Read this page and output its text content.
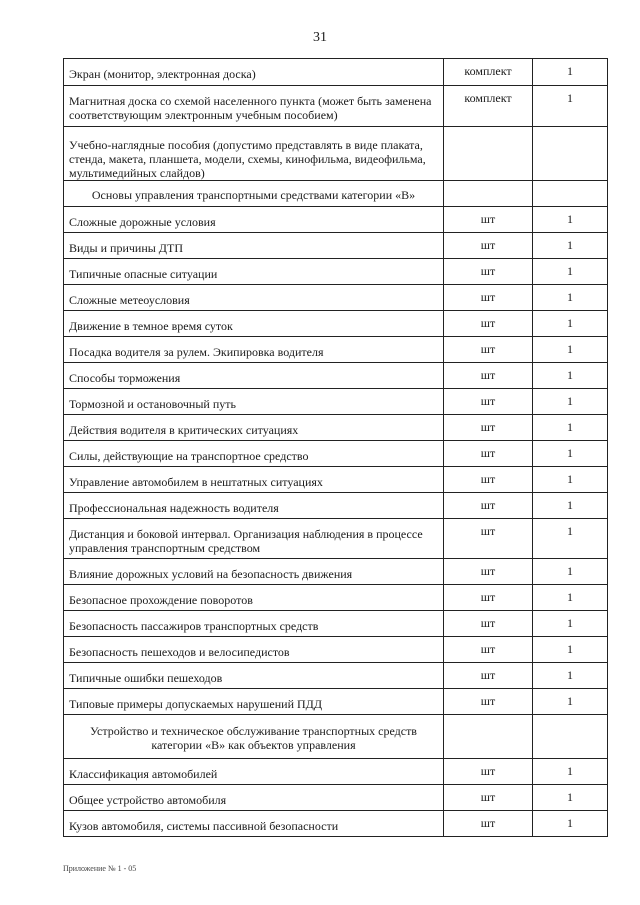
31
Экран (монитор, электронная доска)	комплект	1
Магнитная доска со схемой населенного пункта (может быть заменена соответствующим электронным учебным пособием)	комплект	1
Учебно-наглядные пособия (допустимо представлять в виде плаката, стенда, макета, планшета, модели, схемы, кинофильма, видеофильма, мультимедийных слайдов)		
Основы управления транспортными средствами категории «В»		
Сложные дорожные условия	шт	1
Виды и причины ДТП	шт	1
Типичные опасные ситуации	шт	1
Сложные метеоусловия	шт	1
Движение в темное время суток	шт	1
Посадка водителя за рулем. Экипировка водителя	шт	1
Способы торможения	шт	1
Тормозной и остановочный путь	шт	1
Действия водителя в критических ситуациях	шт	1
Силы, действующие на транспортное средство	шт	1
Управление автомобилем в нештатных ситуациях	шт	1
Профессиональная надежность водителя	шт	1
Дистанция и боковой интервал. Организация наблюдения в процессе управления транспортным средством	шт	1
Влияние дорожных условий на безопасность движения	шт	1
Безопасное прохождение поворотов	шт	1
Безопасность пассажиров транспортных средств	шт	1
Безопасность пешеходов и велосипедистов	шт	1
Типичные ошибки пешеходов	шт	1
Типовые примеры допускаемых нарушений ПДД	шт	1
Устройство и техническое обслуживание транспортных средств категории «В» как объектов управления		
Классификация автомобилей	шт	1
Общее устройство автомобиля	шт	1
Кузов автомобиля, системы пассивной безопасности	шт	1
Приложение № 1 - 05
